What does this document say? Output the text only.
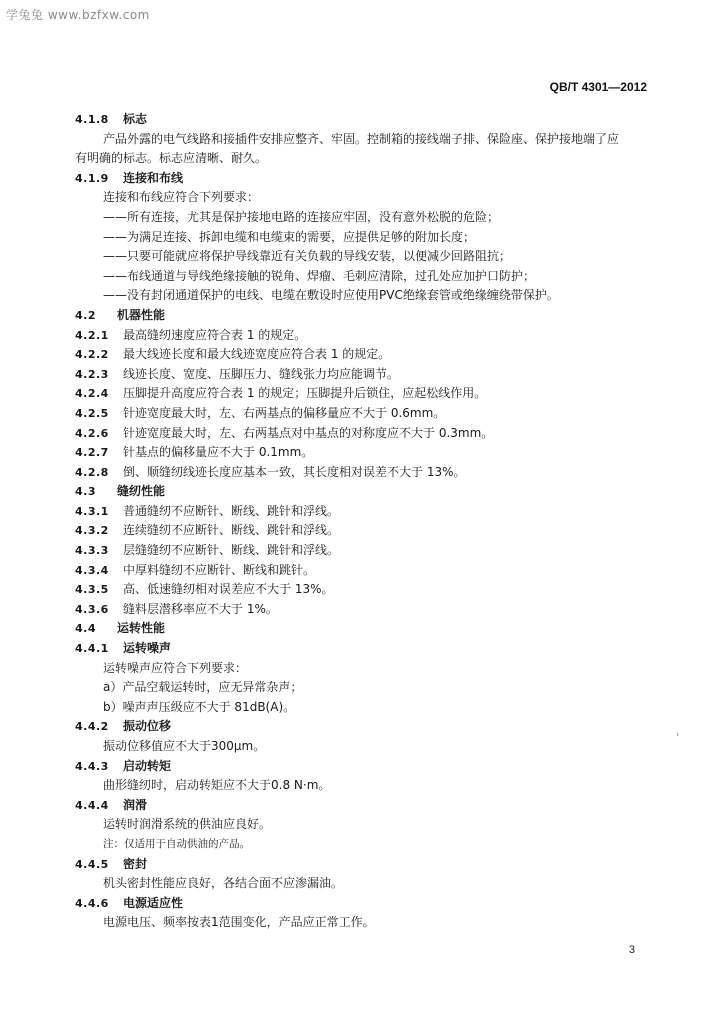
学兔兔 www.bzfxw.com
QB/T 4301—2012
4.1.8 标志
产品外露的电气线路和接插件安排应整齐、牢固。控制箱的接线端子排、保险座、保护接地端了应
有明确的标志。标志应清晰、耐久。
4.1.9 连接和布线
连接和布线应符合下列要求：
——所有连接，尤其是保护接地电路的连接应牢固，没有意外松脱的危险；
——为满足连接、拆卸电缆和电缆束的需要，应提供足够的附加长度；
——只要可能就应将保护导线靠近有关负载的导线安装，以便减少回路阻抗；
——布线通道与导线绝缘接触的锐角、焊瘤、毛刺应清除，过孔处应加护口防护；
——没有封闭通道保护的电线、电缆在敷设时应使用PVC绝缘套管或绝缘缠绕带保护。
4.2 机器性能
4.2.1 最高缝纫速度应符合表 1 的规定。
4.2.2 最大线迹长度和最大线迹宽度应符合表 1 的规定。
4.2.3 线迹长度、宽度、压脚压力、缝线张力均应能调节。
4.2.4 压脚提升高度应符合表 1 的规定；压脚提升后锁住，应起松线作用。
4.2.5 针迹宽度最大时，左、右两基点的偏移量应不大于 0.6mm。
4.2.6 针迹宽度最大时，左、右两基点对中基点的对称度应不大于 0.3mm。
4.2.7 针基点的偏移量应不大于 0.1mm。
4.2.8 倒、顺缝纫线迹长度应基本一致，其长度相对误差不大于 13%。
4.3 缝纫性能
4.3.1 普通缝纫不应断针、断线、跳针和浮线。
4.3.2 连续缝纫不应断针、断线、跳针和浮线。
4.3.3 层缝缝纫不应断针、断线、跳针和浮线。
4.3.4 中厚料缝纫不应断针、断线和跳针。
4.3.5 高、低速缝纫相对误差应不大于 13%。
4.3.6 缝料层潜移率应不大于 1%。
4.4 运转性能
4.4.1 运转噪声
运转噪声应符合下列要求：
a）产品空载运转时，应无异常杂声；
b）噪声声压级应不大于 81dB(A)。
4.4.2 振动位移
振动位移值应不大于300μm。
4.4.3 启动转矩
曲形缝纫时，启动转矩应不大于0.8 N·m。
4.4.4 润滑
运转时润滑系统的供油应良好。
注：仅适用于自动供油的产品。
4.4.5 密封
机头密封性能应良好，各结合面不应渗漏油。
4.4.6 电源适应性
电源电压、频率按表1范围变化，产品应正常工作。
3
